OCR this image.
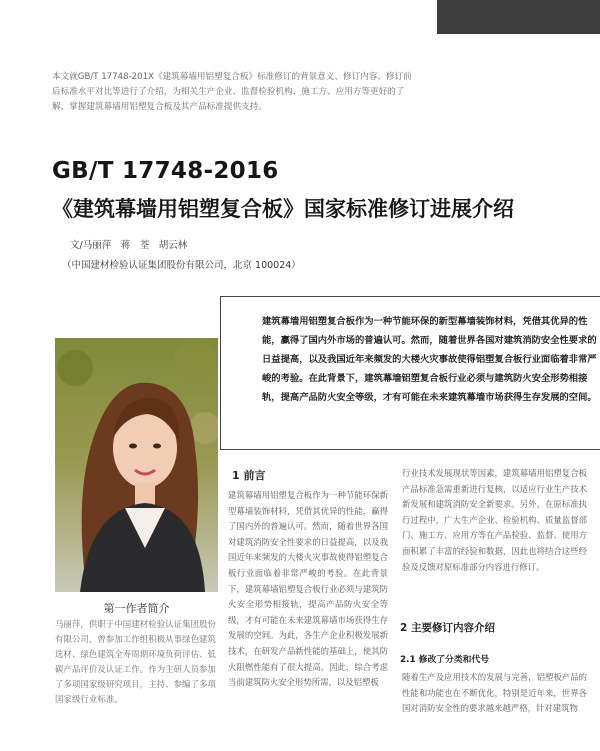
本文就GB/T 17748-201X《建筑幕墙用铝塑复合板》标准修订的背景意义、修订内容、修订前后标准水平对比等进行了介绍，为相关生产企业、监督检验机构、施工方、应用方等更好的了解、掌握建筑幕墙用铝塑复合板及其产品标准提供支持。
GB/T 17748-2016
《建筑幕墙用铝塑复合板》国家标准修订进展介绍
文/马丽萍　蒋　荃　胡云林
（中国建材检验认证集团股份有限公司，北京 100024）
第一作者简介
马丽萍，供职于中国建材检验认证集团股份有限公司，曾参加工作组积极从事绿色建筑选材、绿色建筑全寿周期环境负荷评估、低碳产品评价及认证工作。作为主研人员参加了多项国家级研究项目，主持、参编了多项国家级行业标准。
建筑幕墙用铝塑复合板作为一种节能环保的新型幕墙装饰材料，凭借其优异的性能，赢得了国内外市场的普遍认可。然而，随着世界各国对建筑消防安全性要求的日益提高，以及我国近年来频发的大楼火灾事故使得铝塑复合板行业面临着非常严峻的考验。在此背景下，建筑幕墙铝塑复合板行业必须与建筑防火安全形势相接轨，提高产品防火安全等级，才有可能在未来建筑幕墙市场获得生存发展的空间。
1 前言
建筑幕墙用铝塑复合板作为一种节能环保新型幕墙装饰材料，凭借其优异的性能，赢得了国内外的普遍认可。然而，随着世界各国对建筑消防安全性要求的日益提高，以及我国近年来频发的大楼火灾事故使得铝塑复合板行业面临着非常严峻的考验。在此背景下，建筑幕墙铝塑复合板行业必须与建筑防火安全形势相接轨，提高产品防火安全等级，才有可能在未来建筑幕墙市场获得生存发展的空间。为此，各生产企业积极发展新技术，在研发产品新性能的基础上，使其防火阻燃性能有了很大提高。因此，综合考虑当前建筑防火安全形势所需，以及铝塑板
行业技术发展现状等因素，建筑幕墙用铝塑复合板产品标准急需重新进行复核，以适应行业生产技术新发展和建筑消防安全新要求。另外，在原标准执行过程中，广大生产企业、检验机构、质量监督部门、施工方、应用方等在产品检验、监督、使用方面积累了丰富的经验和数据，因此也将结合这些经验及反馈对原标准部分内容进行修订。
2 主要修订内容介绍
2.1 修改了分类和代号
随着生产及应用技术的发展与完善，铝塑板产品的性能和功能也在不断优化，特别是近年来，世界各国对消防安全性的要求越来越严格，针对建筑物
